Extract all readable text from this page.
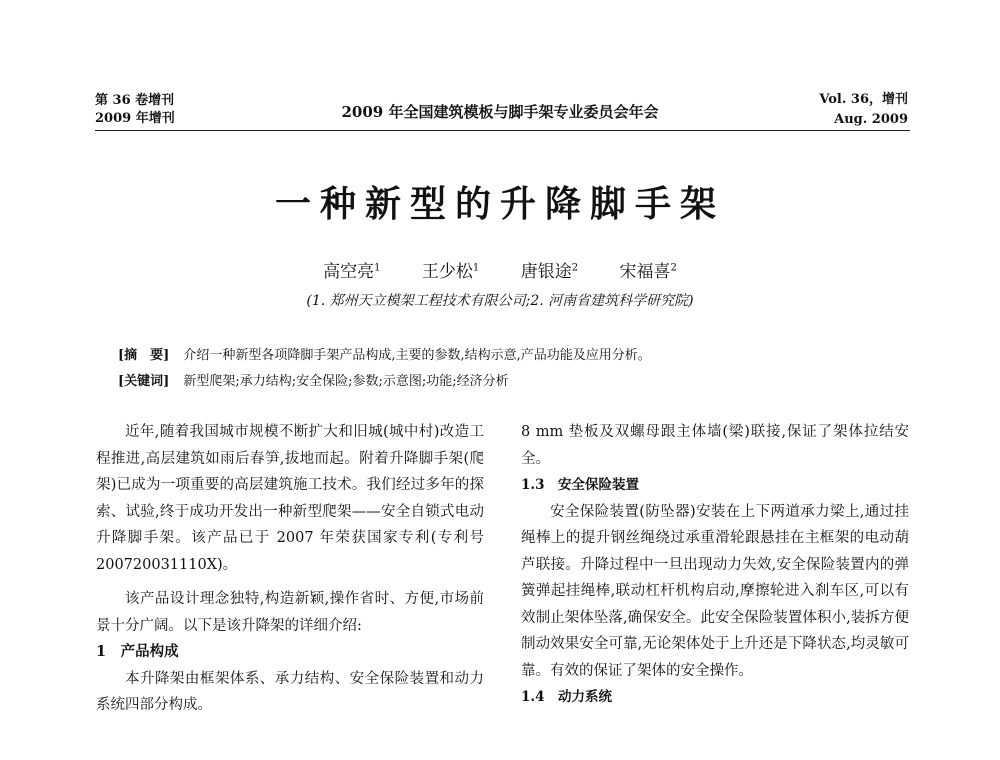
第 36 卷增刊
2009 年增刊	2009 年全国建筑模板与脚手架专业委员会年会
Vol. 36，增刊
Aug. 2009
一种新型的升降脚手架
高空亮$^1$ 王少松$^1$ 唐银途$^2$ 宋福喜$^2$
(1. 郑州天立模架工程技术有限公司;2. 河南省建筑科学研究院)
[摘　要] 介绍一种新型各项降脚手架产品构成,主要的参数,结构示意,产品功能及应用分析。
[关键词] 新型爬架;承力结构;安全保险;参数;示意图;功能;经济分析

近年,随着我国城市规模不断扩大和旧城(城中村)改造工程推进,高层建筑如雨后春笋,拔地而起。附着升降脚手架(爬架)已成为一项重要的高层建筑施工技术。我们经过多年的探索、试验,终于成功开发出一种新型爬架——安全自锁式电动升降脚手架。该产品已于 2007 年荣获国家专利(专利号 200720031110X)。

该产品设计理念独特,构造新颖,操作省时、方便,市场前景十分广阔。以下是该升降架的详细介绍:

1　产品构成

本升降架由框架体系、承力结构、安全保险装置和动力系统四部分构成。

8 mm 垫板及双螺母跟主体墙(梁)联接,保证了架体拉结安全。

1.3　安全保险装置

安全保险装置(防坠器)安装在上下两道承力梁上,通过挂绳棒上的提升钢丝绳绕过承重滑轮跟悬挂在主框架的电动葫芦联接。升降过程中一旦出现动力失效,安全保险装置内的弹簧弹起挂绳棒,联动杠杆机构启动,摩擦轮进入刹车区,可以有效制止架体坠落,确保安全。此安全保险装置体积小,装拆方便制动效果安全可靠,无论架体处于上升还是下降状态,均灵敏可靠。有效的保证了架体的安全操作。

1.4　动力系统
